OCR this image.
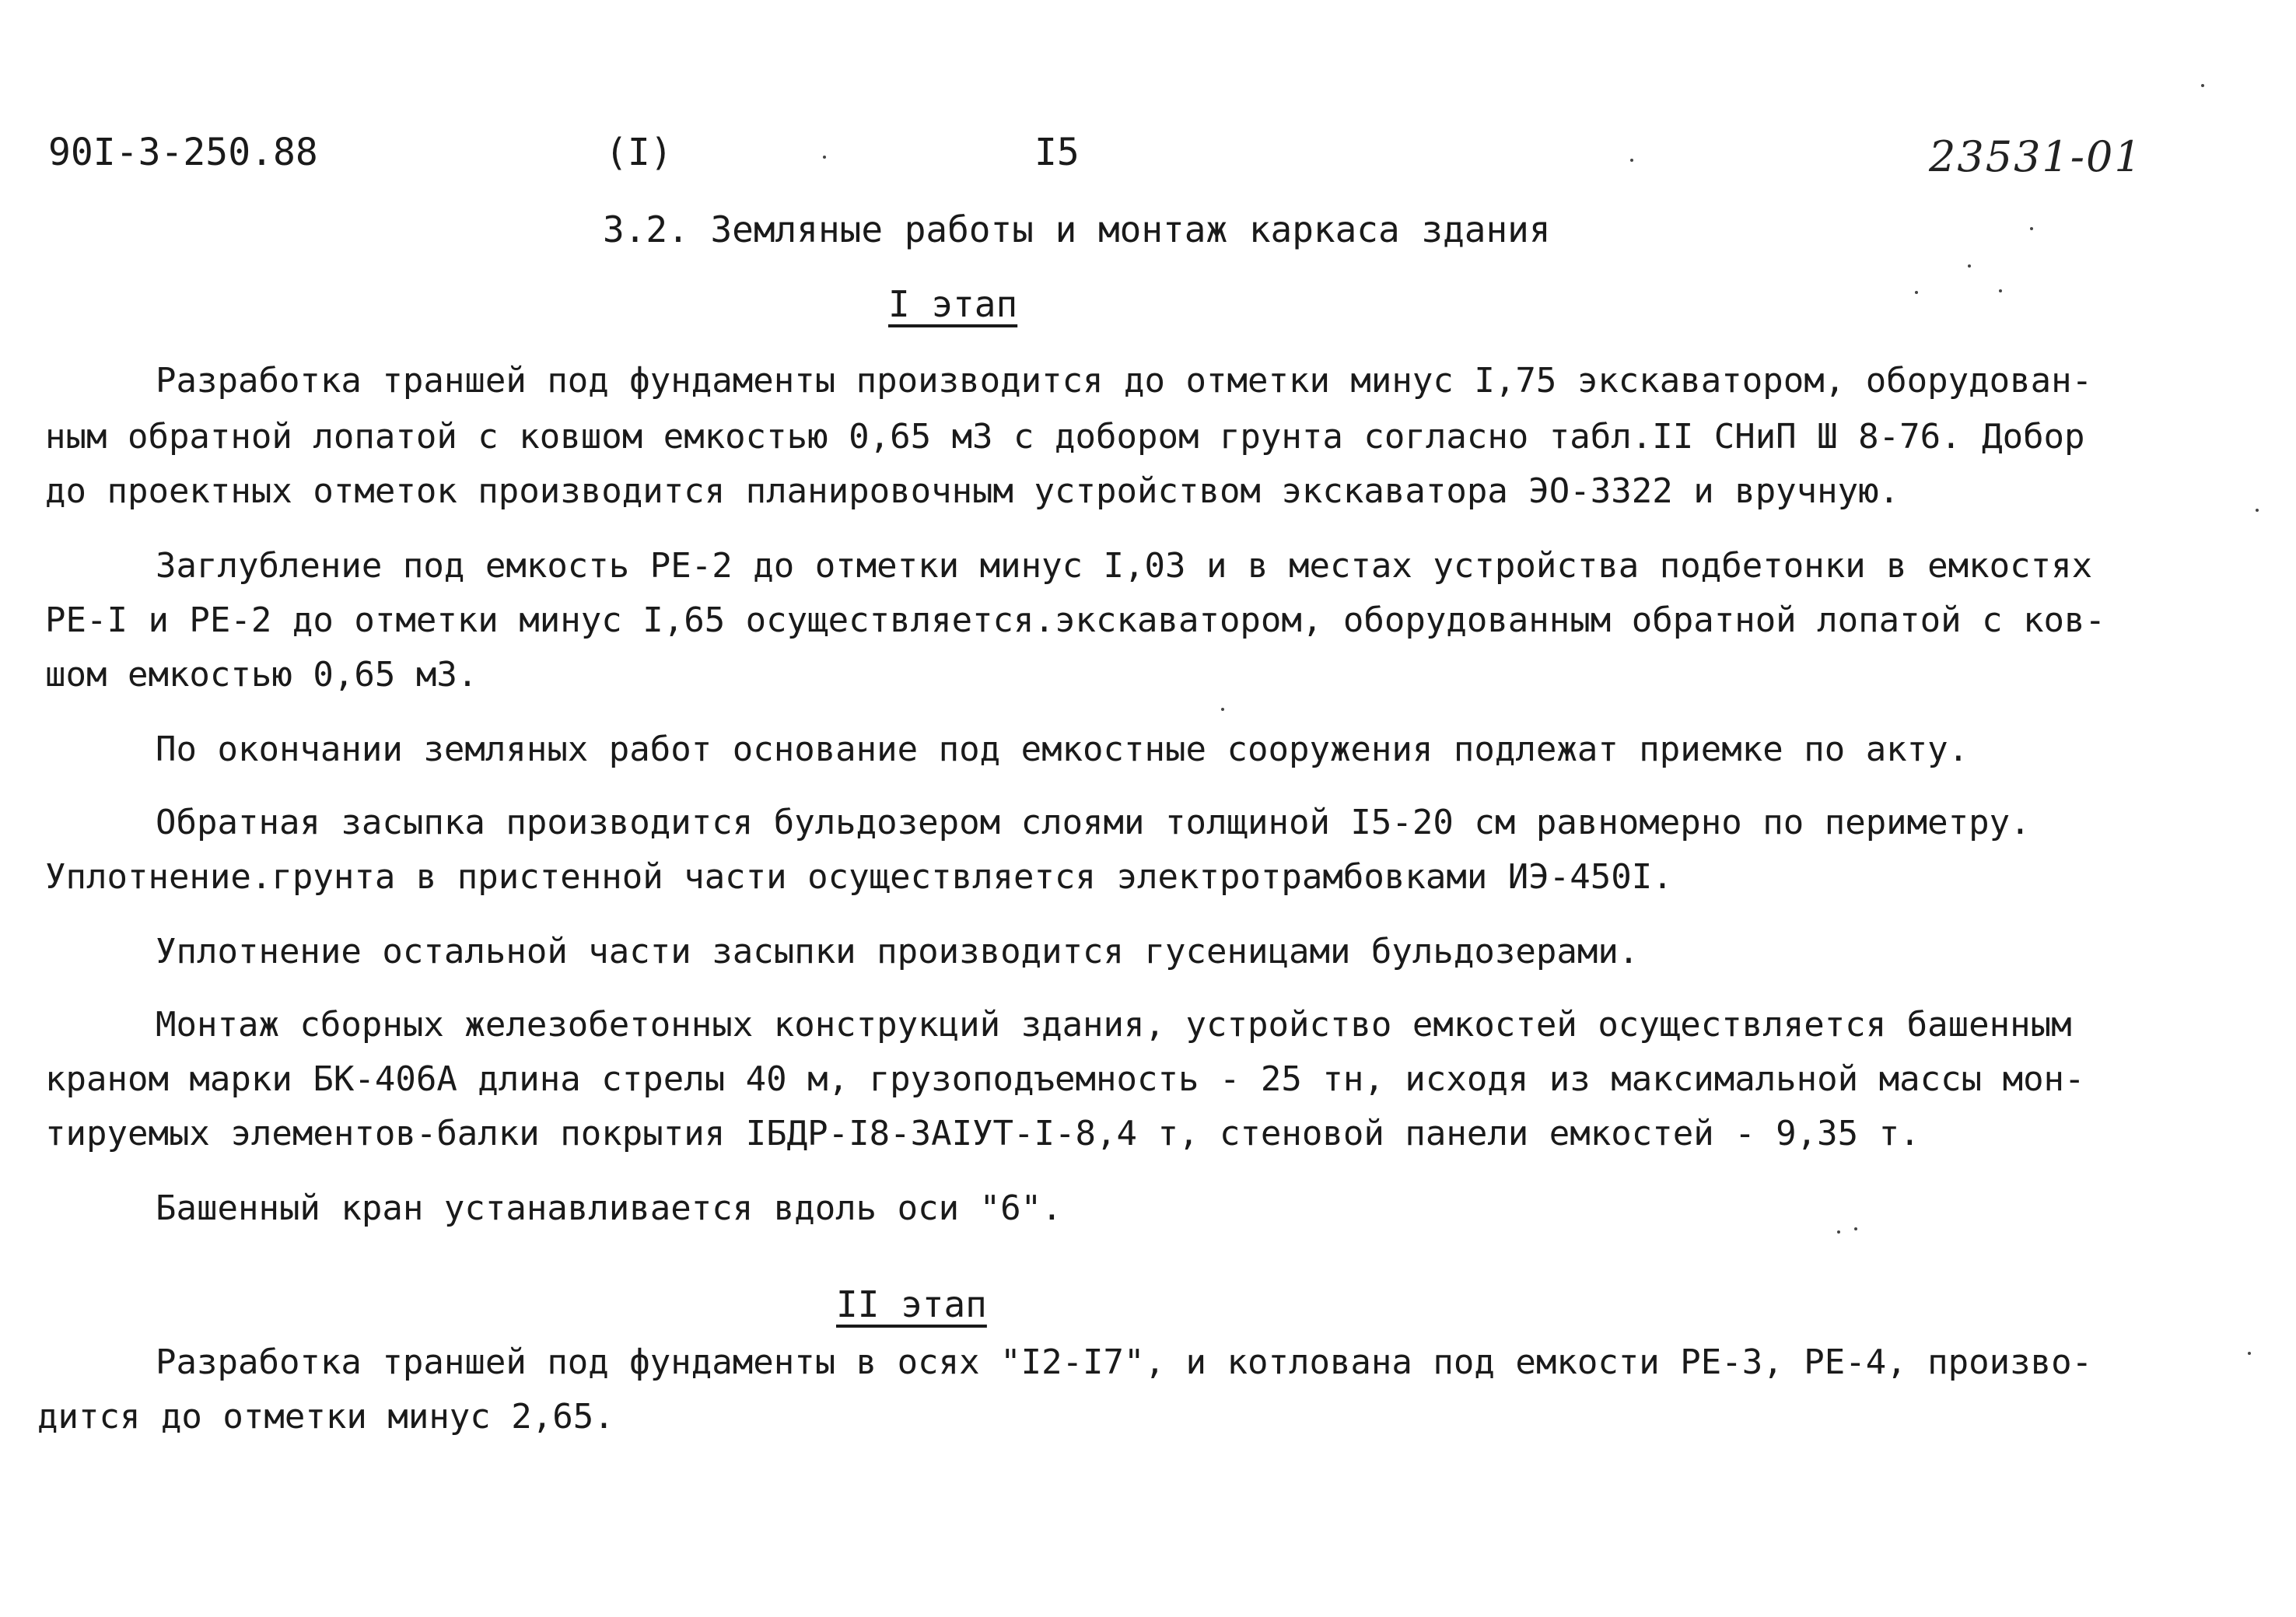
90I-3-250.88	(I)	I5	23531-01
3.2. Земляные работы и монтаж каркаса здания
I этап
Разработка траншей под фундаменты производится до отметки минус I,75 экскаватором, оборудован-
ным обратной лопатой с ковшом емкостью 0,65 м3 с добором грунта согласно табл.II СНиП Ш 8-76. Добор
до проектных отметок производится планировочным устройством экскаватора ЭО-3322 и вручную.
Заглубление под емкость РЕ-2 до отметки минус I,03 и в местах устройства подбетонки в емкостях
РЕ-I и РЕ-2 до отметки минус I,65 осуществляется.экскаватором, оборудованным обратной лопатой с ков-
шом емкостью 0,65 м3.
По окончании земляных работ основание под емкостные сооружения подлежат приемке по акту.
Обратная засыпка производится бульдозером слоями толщиной I5-20 см равномерно по периметру.
Уплотнение.грунта в пристенной части осуществляется электротрамбовками ИЭ-450I.
Уплотнение остальной части засыпки производится гусеницами бульдозерами.
Монтаж сборных железобетонных конструкций здания, устройство емкостей осуществляется башенным
краном марки БК-406А длина стрелы 40 м, грузоподъемность - 25 тн, исходя из максимальной массы мон-
тируемых элементов-балки покрытия IБДР-I8-3АIУТ-I-8,4 т, стеновой панели емкостей - 9,35 т.
Башенный кран устанавливается вдоль оси "6".
II этап
Разработка траншей под фундаменты в осях "I2-I7", и котлована под емкости РЕ-3, РЕ-4, произво-
дится до отметки минус 2,65.
